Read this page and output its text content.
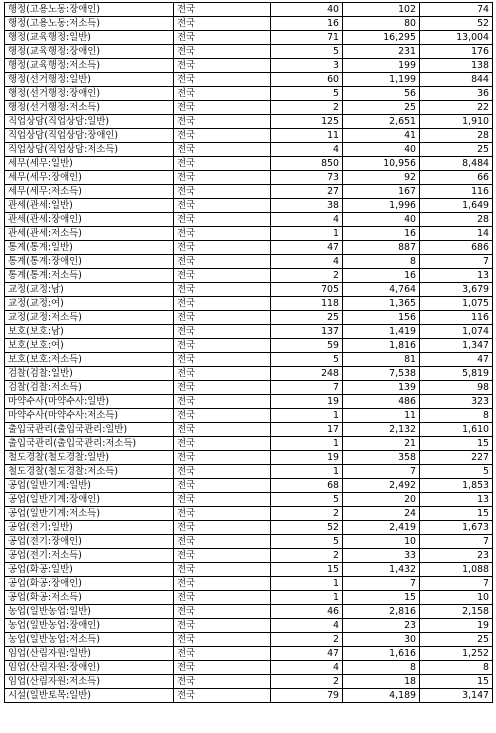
행정(고용노동:장애인)	전국	40	102	74
행정(고용노동:저소득)	전국	16	80	52
행정(교육행정:일반)	전국	71	16,295	13,004
행정(교육행정:장애인)	전국	5	231	176
행정(교육행정:저소득)	전국	3	199	138
행정(선거행정:일반)	전국	60	1,199	844
행정(선거행정:장애인)	전국	5	56	36
행정(선거행정:저소득)	전국	2	25	22
직업상담(직업상담:일반)	전국	125	2,651	1,910
직업상담(직업상담:장애인)	전국	11	41	28
직업상담(직업상담:저소득)	전국	4	40	25
세무(세무:일반)	전국	850	10,956	8,484
세무(세무:장애인)	전국	73	92	66
세무(세무:저소득)	전국	27	167	116
관세(관세:일반)	전국	38	1,996	1,649
관세(관세:장애인)	전국	4	40	28
관세(관세:저소득)	전국	1	16	14
통계(통계:일반)	전국	47	887	686
통계(통계:장애인)	전국	4	8	7
통계(통계:저소득)	전국	2	16	13
교정(교정:남)	전국	705	4,764	3,679
교정(교정:여)	전국	118	1,365	1,075
교정(교정:저소득)	전국	25	156	116
보호(보호:남)	전국	137	1,419	1,074
보호(보호:여)	전국	59	1,816	1,347
보호(보호:저소득)	전국	5	81	47
검찰(검찰:일반)	전국	248	7,538	5,819
검찰(검찰:저소득)	전국	7	139	98
마약수사(마약수사:일반)	전국	19	486	323
마약수사(마약수사:저소득)	전국	1	11	8
출입국관리(출입국관리:일반)	전국	17	2,132	1,610
출입국관리(출입국관리:저소득)	전국	1	21	15
철도경찰(철도경찰:일반)	전국	19	358	227
철도경찰(철도경찰:저소득)	전국	1	7	5
공업(일반기계:일반)	전국	68	2,492	1,853
공업(일반기계:장애인)	전국	5	20	13
공업(일반기계:저소득)	전국	2	24	15
공업(전기:일반)	전국	52	2,419	1,673
공업(전기:장애인)	전국	5	10	7
공업(전기:저소득)	전국	2	33	23
공업(화공:일반)	전국	15	1,432	1,088
공업(화공:장애인)	전국	1	7	7
공업(화공:저소득)	전국	1	15	10
농업(일반농업:일반)	전국	46	2,816	2,158
농업(일반농업:장애인)	전국	4	23	19
농업(일반농업:저소득)	전국	2	30	25
임업(산림자원:일반)	전국	47	1,616	1,252
임업(산림자원:장애인)	전국	4	8	8
임업(산림자원:저소득)	전국	2	18	15
시설(일반토목:일반)	전국	79	4,189	3,147
